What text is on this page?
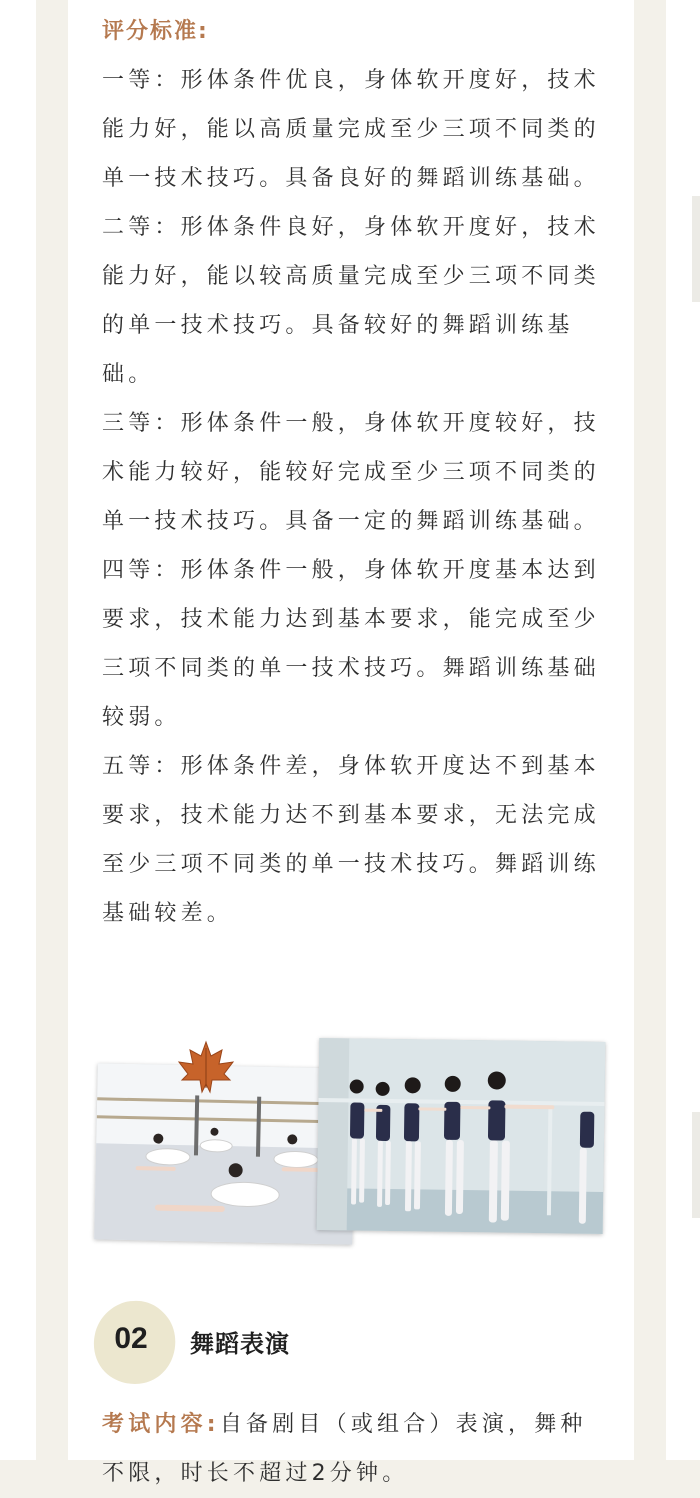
评分标准:

一等：形体条件优良，身体软开度好，技术能力好，能以高质量完成至少三项不同类的单一技术技巧。具备良好的舞蹈训练基础。

二等：形体条件良好，身体软开度好，技术能力好，能以较高质量完成至少三项不同类的单一技术技巧。具备较好的舞蹈训练基础。

三等：形体条件一般，身体软开度较好，技术能力较好，能较好完成至少三项不同类的单一技术技巧。具备一定的舞蹈训练基础。

四等：形体条件一般，身体软开度基本达到要求，技术能力达到基本要求，能完成至少三项不同类的单一技术技巧。舞蹈训练基础较弱。

五等：形体条件差，身体软开度达不到基本要求，技术能力达不到基本要求，无法完成至少三项不同类的单一技术技巧。舞蹈训练基础较差。

02	舞蹈表演
考试内容:自备剧目（或组合）表演，舞种不限，时长不超过2分钟。
